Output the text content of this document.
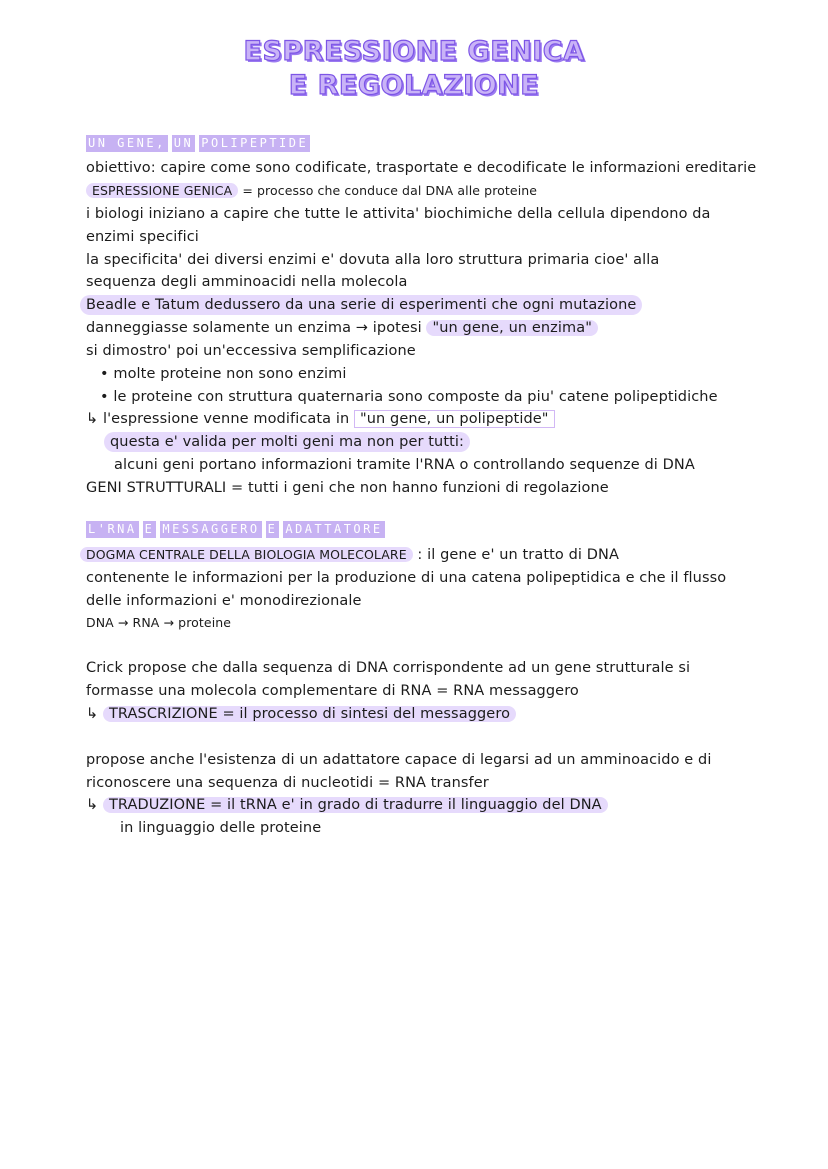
ESPRESSIONE GENICA
E REGOLAZIONE
UN GENE, UN POLIPEPTIDE
obiettivo: capire come sono codificate, trasportate e decodificate le informazioni ereditarie
ESPRESSIONE GENICA = processo che conduce dal DNA alle proteine
i biologi iniziano a capire che tutte le attivita' biochimiche della cellula dipendono da
enzimi specifici
la specificita' dei diversi enzimi e' dovuta alla loro struttura primaria cioe' alla
sequenza degli amminoacidi nella molecola
Beadle e Tatum dedussero da una serie di esperimenti che ogni mutazione
danneggiasse solamente un enzima → ipotesi "un gene, un enzima"
si dimostro' poi un'eccessiva semplificazione
• molte proteine non sono enzimi
• le proteine con struttura quaternaria sono composte da piu' catene polipeptidiche
↳ l'espressione venne modificata in "un gene, un polipeptide"
questa e' valida per molti geni ma non per tutti:
alcuni geni portano informazioni tramite l'RNA o controllando sequenze di DNA
GENI STRUTTURALI = tutti i geni che non hanno funzioni di regolazione
L'RNA E MESSAGGERO E ADATTATORE
DOGMA CENTRALE DELLA BIOLOGIA MOLECOLARE : il gene e' un tratto di DNA
contenente le informazioni per la produzione di una catena polipeptidica e che il flusso
delle informazioni e' monodirezionale
DNA → RNA → proteine
Crick propose che dalla sequenza di DNA corrispondente ad un gene strutturale si
formasse una molecola complementare di RNA = RNA messaggero
↳ TRASCRIZIONE = il processo di sintesi del messaggero
propose anche l'esistenza di un adattatore capace di legarsi ad un amminoacido e di
riconoscere una sequenza di nucleotidi = RNA transfer
↳ TRADUZIONE = il tRNA e' in grado di tradurre il linguaggio del DNA
in linguaggio delle proteine
